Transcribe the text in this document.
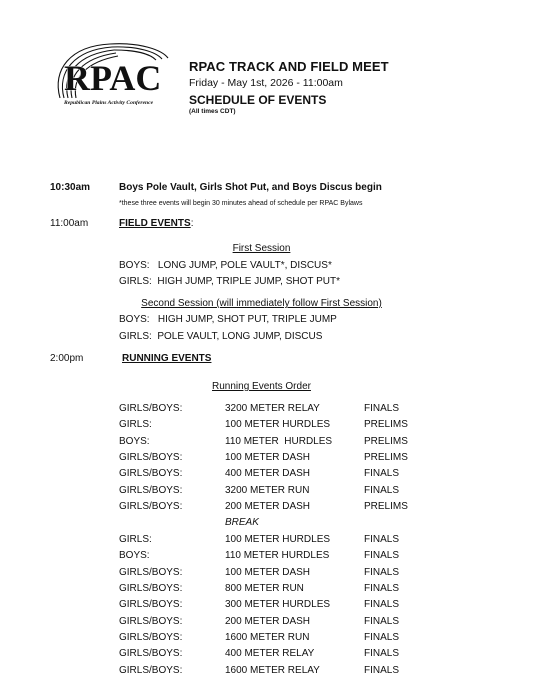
RPAC
Republican Plains Activity Conference
RPAC TRACK AND FIELD MEET
Friday - May 1st, 2026 - 11:00am
SCHEDULE OF EVENTS
(All times CDT)
10:30am	Boys Pole Vault, Girls Shot Put, and Boys Discus begin
*these three events will begin 30 minutes ahead of schedule per RPAC Bylaws
11:00am	FIELD EVENTS:
First Session
BOYS:   LONG JUMP, POLE VAULT*, DISCUS*
GIRLS:  HIGH JUMP, TRIPLE JUMP, SHOT PUT*
Second Session (will immediately follow First Session)
BOYS:   HIGH JUMP, SHOT PUT, TRIPLE JUMP
GIRLS:  POLE VAULT, LONG JUMP, DISCUS
2:00pm	RUNNING EVENTS
Running Events Order
GIRLS/BOYS:	3200 METER RELAY	FINALS
GIRLS:	100 METER HURDLES	PRELIMS
BOYS:	110 METER  HURDLES	PRELIMS
GIRLS/BOYS:	100 METER DASH	PRELIMS
GIRLS/BOYS:	400 METER DASH	FINALS
GIRLS/BOYS:	3200 METER RUN	FINALS
GIRLS/BOYS:	200 METER DASH	PRELIMS
BREAK
GIRLS:	100 METER HURDLES	FINALS
BOYS:	110 METER HURDLES	FINALS
GIRLS/BOYS:	100 METER DASH	FINALS
GIRLS/BOYS:	800 METER RUN	FINALS
GIRLS/BOYS:	300 METER HURDLES	FINALS
GIRLS/BOYS:	200 METER DASH	FINALS
GIRLS/BOYS:	1600 METER RUN	FINALS
GIRLS/BOYS:	400 METER RELAY	FINALS
GIRLS/BOYS:	1600 METER RELAY	FINALS
